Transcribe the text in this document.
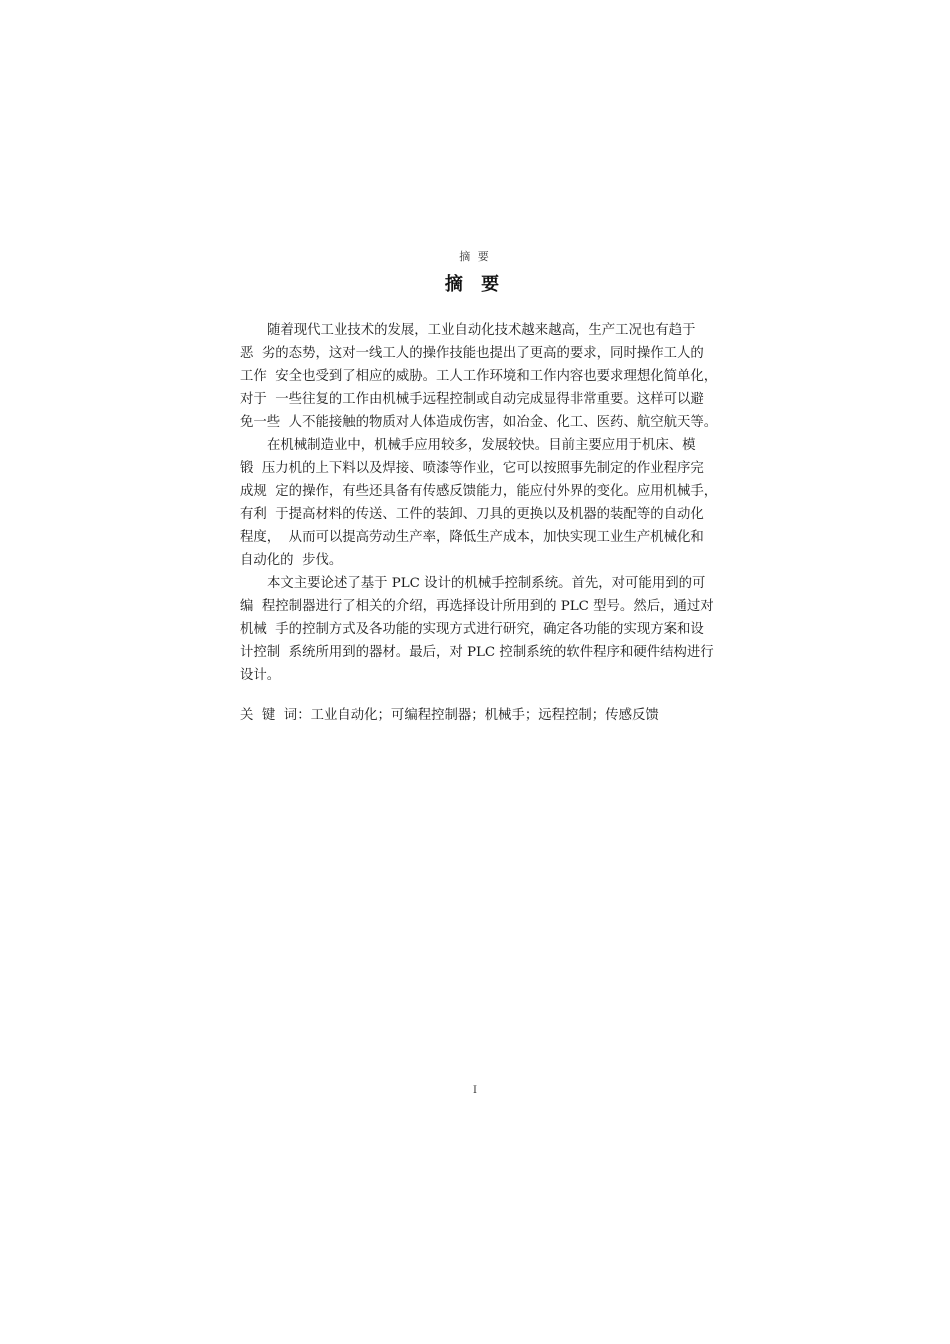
摘 要
摘 要
随着现代工业技术的发展，工业自动化技术越来越高，生产工况也有趋于
恶  劣的态势，这对一线工人的操作技能也提出了更高的要求，同时操作工人的
工作  安全也受到了相应的威胁。工人工作环境和工作内容也要求理想化简单化，
对于  一些往复的工作由机械手远程控制或自动完成显得非常重要。这样可以避
免一些  人不能接触的物质对人体造成伤害，如冶金、化工、医药、航空航天等。
在机械制造业中，机械手应用较多，发展较快。目前主要应用于机床、模
锻  压力机的上下料以及焊接、喷漆等作业，它可以按照事先制定的作业程序完
成规  定的操作，有些还具备有传感反馈能力，能应付外界的变化。应用机械手，
有利  于提高材料的传送、工件的装卸、刀具的更换以及机器的装配等的自动化
程度，  从而可以提高劳动生产率，降低生产成本，加快实现工业生产机械化和
自动化的  步伐。
本文主要论述了基于 PLC 设计的机械手控制系统。首先，对可能用到的可
编  程控制器进行了相关的介绍，再选择设计所用到的 PLC 型号。然后，通过对
机械  手的控制方式及各功能的实现方式进行研究，确定各功能的实现方案和设
计控制  系统所用到的器材。最后，对 PLC 控制系统的软件程序和硬件结构进行
设计。
关  键  词：工业自动化；可编程控制器；机械手；远程控制；传感反馈
I
